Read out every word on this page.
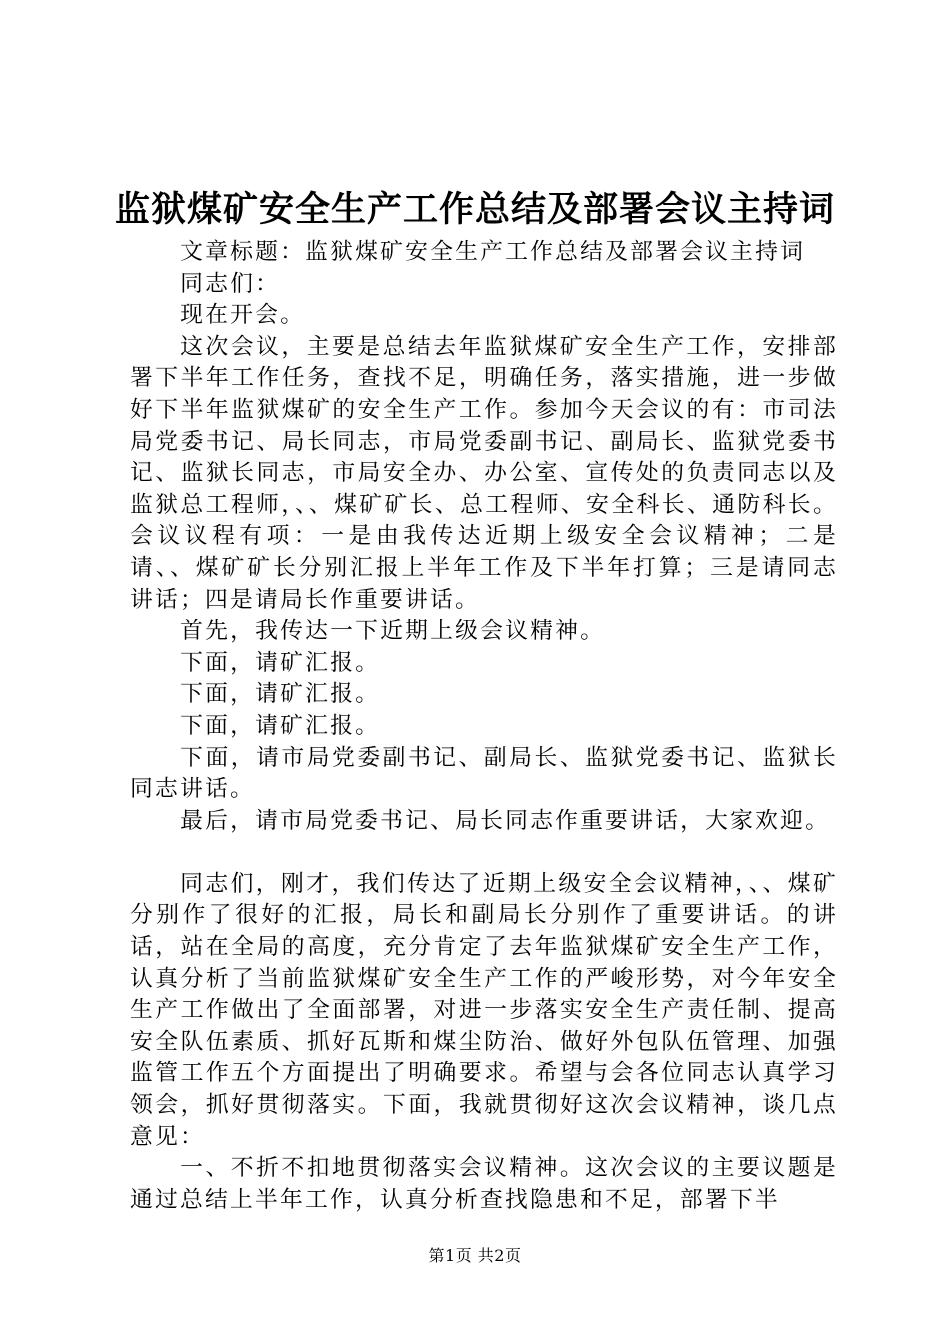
监狱煤矿安全生产工作总结及部署会议主持词

文章标题：监狱煤矿安全生产工作总结及部署会议主持词

同志们：

现在开会。

这次会议，主要是总结去年监狱煤矿安全生产工作，安排部署下半年工作任务，查找不足，明确任务，落实措施，进一步做好下半年监狱煤矿的安全生产工作。参加今天会议的有：市司法局党委书记、局长同志，市局党委副书记、副局长、监狱党委书记、监狱长同志，市局安全办、办公室、宣传处的负责同志以及监狱总工程师，、、煤矿矿长、总工程师、安全科长、通防科长。会议议程有项：一是由我传达近期上级安全会议精神；二是请、、煤矿矿长分别汇报上半年工作及下半年打算；三是请同志讲话；四是请局长作重要讲话。

首先，我传达一下近期上级会议精神。

下面，请矿汇报。

下面，请矿汇报。

下面，请矿汇报。

下面，请市局党委副书记、副局长、监狱党委书记、监狱长同志讲话。

最后，请市局党委书记、局长同志作重要讲话，大家欢迎。

同志们，刚才，我们传达了近期上级安全会议精神，、、煤矿分别作了很好的汇报，局长和副局长分别作了重要讲话。的讲话，站在全局的高度，充分肯定了去年监狱煤矿安全生产工作，认真分析了当前监狱煤矿安全生产工作的严峻形势，对今年安全生产工作做出了全面部署，对进一步落实安全生产责任制、提高安全队伍素质、抓好瓦斯和煤尘防治、做好外包队伍管理、加强监管工作五个方面提出了明确要求。希望与会各位同志认真学习领会，抓好贯彻落实。下面，我就贯彻好这次会议精神，谈几点意见：

一、不折不扣地贯彻落实会议精神。这次会议的主要议题是通过总结上半年工作，认真分析查找隐患和不足，部署下半

第1页 共2页
